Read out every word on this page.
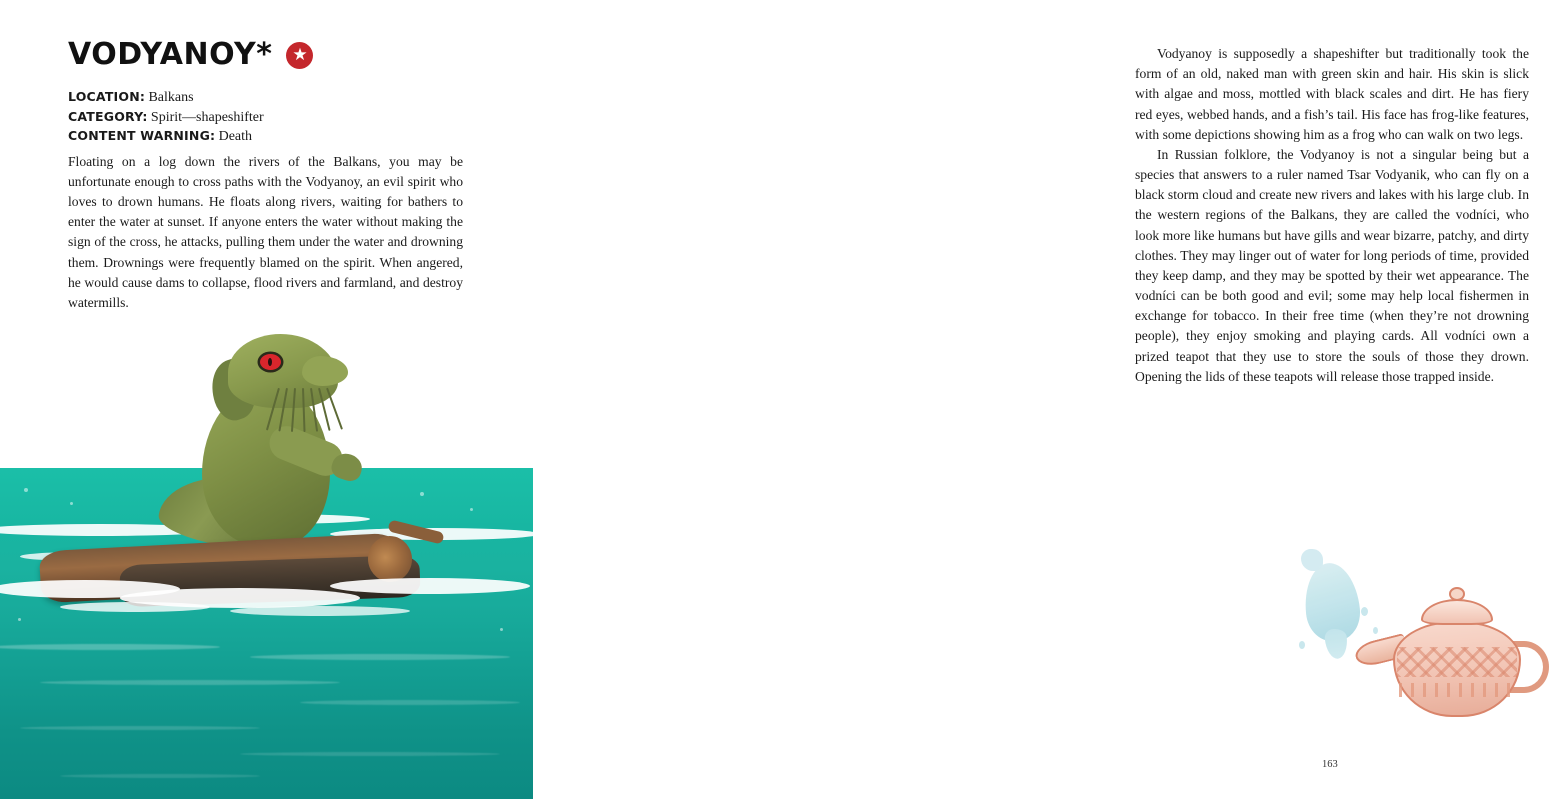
VODYANOY*	★
LOCATION: Balkans
CATEGORY: Spirit—shapeshifter
CONTENT WARNING: Death

Floating on a log down the rivers of the Balkans, you may be unfortunate enough to cross paths with the Vodyanoy, an evil spirit who loves to drown humans. He floats along rivers, waiting for bathers to enter the water at sunset. If anyone enters the water without making the sign of the cross, he attacks, pulling them under the water and drowning them. Drownings were frequently blamed on the spirit. When angered, he would cause dams to collapse, flood rivers and farmland, and destroy watermills.

Vodyanoy is supposedly a shapeshifter but traditionally took the form of an old, naked man with green skin and hair. His skin is slick with algae and moss, mottled with black scales and dirt. He has fiery red eyes, webbed hands, and a fish’s tail. His face has frog-like features, with some depictions showing him as a frog who can walk on two legs.

In Russian folklore, the Vodyanoy is not a singular being but a species that answers to a ruler named Tsar Vodyanik, who can fly on a black storm cloud and create new rivers and lakes with his large club. In the western regions of the Balkans, they are called the vodníci, who look more like humans but have gills and wear bizarre, patchy, and dirty clothes. They may linger out of water for long periods of time, provided they keep damp, and they may be spotted by their wet appearance. The vodníci can be both good and evil; some may help local fishermen in exchange for tobacco. In their free time (when they’re not drowning people), they enjoy smoking and playing cards. All vodníci own a prized teapot that they use to store the souls of those they drown. Opening the lids of these teapots will release those trapped inside.

163
